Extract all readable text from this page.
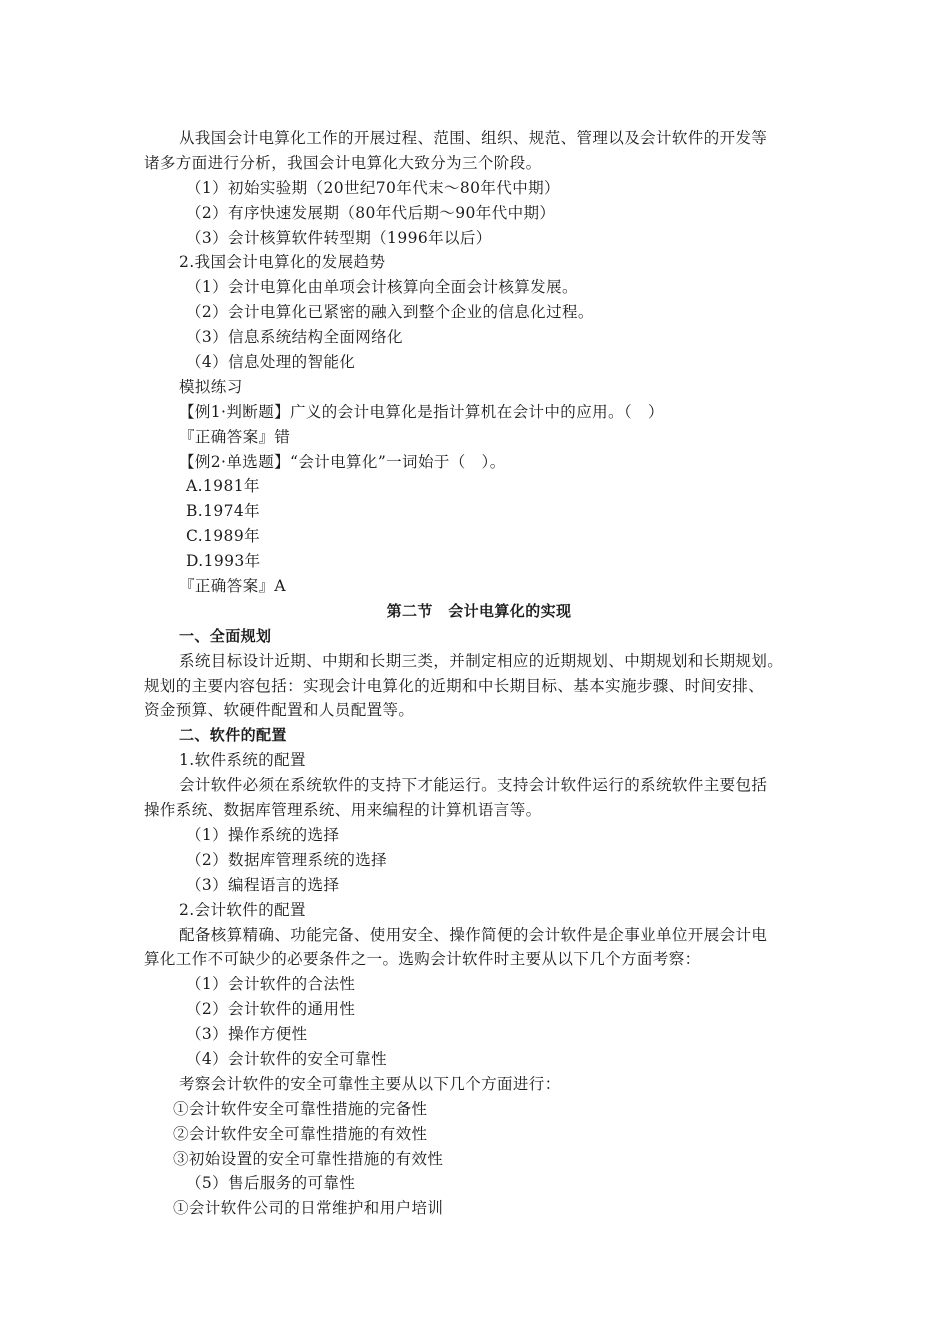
从我国会计电算化工作的开展过程、范围、组织、规范、管理以及会计软件的开发等
诸多方面进行分析，我国会计电算化大致分为三个阶段。
（1）初始实验期（20世纪70年代末～80年代中期）
（2）有序快速发展期（80年代后期～90年代中期）
（3）会计核算软件转型期（1996年以后）
2.我国会计电算化的发展趋势
（1）会计电算化由单项会计核算向全面会计核算发展。
（2）会计电算化已紧密的融入到整个企业的信息化过程。
（3）信息系统结构全面网络化
（4）信息处理的智能化
模拟练习
【例1·判断题】广义的会计电算化是指计算机在会计中的应用。（　）
『正确答案』错
【例2·单选题】“会计电算化”一词始于（　）。
A.1981年
B.1974年
C.1989年
D.1993年
『正确答案』A
第二节　会计电算化的实现
一、全面规划
系统目标设计近期、中期和长期三类，并制定相应的近期规划、中期规划和长期规划。
规划的主要内容包括：实现会计电算化的近期和中长期目标、基本实施步骤、时间安排、
资金预算、软硬件配置和人员配置等。
二、软件的配置
1.软件系统的配置
会计软件必须在系统软件的支持下才能运行。支持会计软件运行的系统软件主要包括
操作系统、数据库管理系统、用来编程的计算机语言等。
（1）操作系统的选择
（2）数据库管理系统的选择
（3）编程语言的选择
2.会计软件的配置
配备核算精确、功能完备、使用安全、操作简便的会计软件是企事业单位开展会计电
算化工作不可缺少的必要条件之一。选购会计软件时主要从以下几个方面考察：
（1）会计软件的合法性
（2）会计软件的通用性
（3）操作方便性
（4）会计软件的安全可靠性
考察会计软件的安全可靠性主要从以下几个方面进行：
①会计软件安全可靠性措施的完备性
②会计软件安全可靠性措施的有效性
③初始设置的安全可靠性措施的有效性
（5）售后服务的可靠性
①会计软件公司的日常维护和用户培训
